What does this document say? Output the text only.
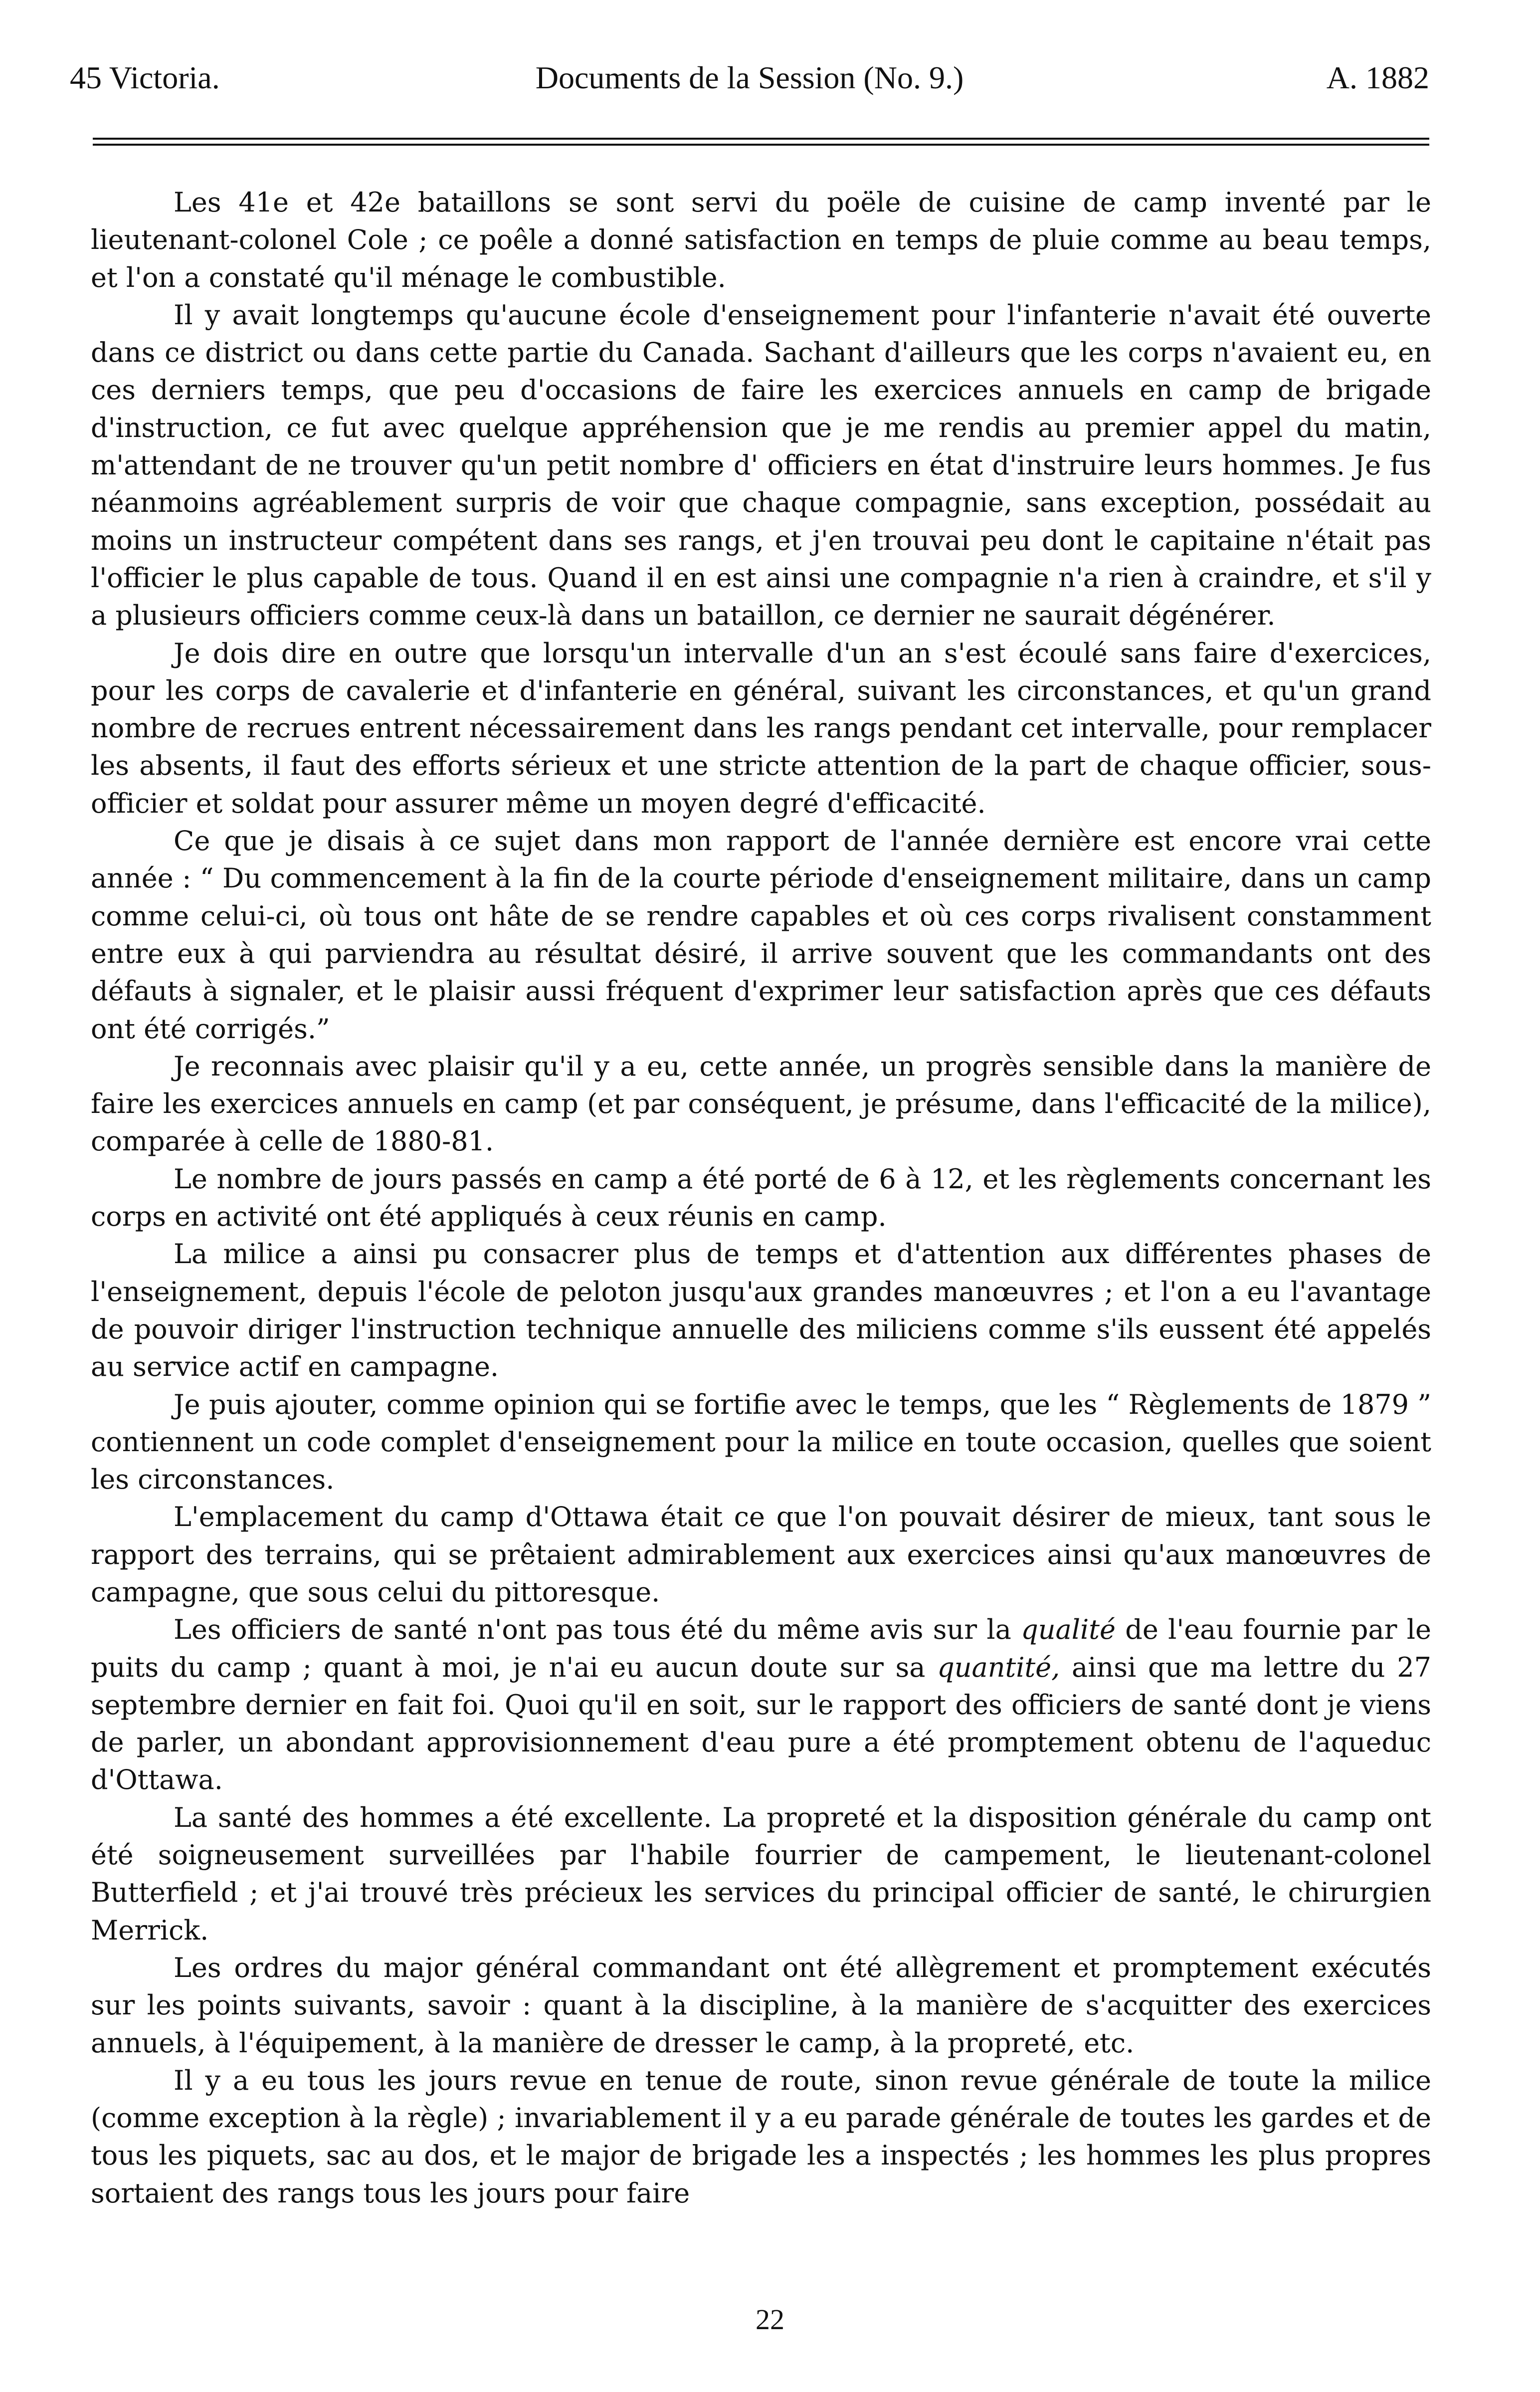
45 Victoria.	Documents de la Session (No. 9.)	A. 1882

Les 41e et 42e bataillons se sont servi du poële de cuisine de camp inventé par le lieutenant-colonel Cole ; ce poêle a donné satisfaction en temps de pluie comme au beau temps, et l'on a constaté qu'il ménage le combustible.

Il y avait longtemps qu'aucune école d'enseignement pour l'infanterie n'avait été ouverte dans ce district ou dans cette partie du Canada. Sachant d'ailleurs que les corps n'avaient eu, en ces derniers temps, que peu d'occasions de faire les exercices annuels en camp de brigade d'instruction, ce fut avec quelque appréhension que je me rendis au premier appel du matin, m'attendant de ne trouver qu'un petit nombre d' officiers en état d'instruire leurs hommes. Je fus néanmoins agréablement surpris de voir que chaque compagnie, sans exception, possédait au moins un instructeur compétent dans ses rangs, et j'en trouvai peu dont le capitaine n'était pas l'officier le plus capable de tous. Quand il en est ainsi une compagnie n'a rien à craindre, et s'il y a plusieurs officiers comme ceux-là dans un bataillon, ce dernier ne saurait dégénérer.

Je dois dire en outre que lorsqu'un intervalle d'un an s'est écoulé sans faire d'exercices, pour les corps de cavalerie et d'infanterie en général, suivant les circonstances, et qu'un grand nombre de recrues entrent nécessairement dans les rangs pendant cet intervalle, pour remplacer les absents, il faut des efforts sérieux et une stricte attention de la part de chaque officier, sous-officier et soldat pour assurer même un moyen degré d'efficacité.

Ce que je disais à ce sujet dans mon rapport de l'année dernière est encore vrai cette année : “ Du commencement à la fin de la courte période d'enseignement militaire, dans un camp comme celui-ci, où tous ont hâte de se rendre capables et où ces corps rivalisent constamment entre eux à qui parviendra au résultat désiré, il arrive souvent que les commandants ont des défauts à signaler, et le plaisir aussi fréquent d'exprimer leur satisfaction après que ces défauts ont été corrigés.”

Je reconnais avec plaisir qu'il y a eu, cette année, un progrès sensible dans la manière de faire les exercices annuels en camp (et par conséquent, je présume, dans l'efficacité de la milice), comparée à celle de 1880-81.

Le nombre de jours passés en camp a été porté de 6 à 12, et les règlements concernant les corps en activité ont été appliqués à ceux réunis en camp.

La milice a ainsi pu consacrer plus de temps et d'attention aux différentes phases de l'enseignement, depuis l'école de peloton jusqu'aux grandes manœuvres ; et l'on a eu l'avantage de pouvoir diriger l'instruction technique annuelle des miliciens comme s'ils eussent été appelés au service actif en campagne.

Je puis ajouter, comme opinion qui se fortifie avec le temps, que les “ Règlements de 1879 ” contiennent un code complet d'enseignement pour la milice en toute occasion, quelles que soient les circonstances.

L'emplacement du camp d'Ottawa était ce que l'on pouvait désirer de mieux, tant sous le rapport des terrains, qui se prêtaient admirablement aux exercices ainsi qu'aux manœuvres de campagne, que sous celui du pittoresque.

Les officiers de santé n'ont pas tous été du même avis sur la qualité de l'eau fournie par le puits du camp ; quant à moi, je n'ai eu aucun doute sur sa quantité, ainsi que ma lettre du 27 septembre dernier en fait foi. Quoi qu'il en soit, sur le rapport des officiers de santé dont je viens de parler, un abondant approvisionnement d'eau pure a été promptement obtenu de l'aqueduc d'Ottawa.

La santé des hommes a été excellente. La propreté et la disposition générale du camp ont été soigneusement surveillées par l'habile fourrier de campement, le lieutenant-colonel Butterfield ; et j'ai trouvé très précieux les services du principal officier de santé, le chirurgien Merrick.

Les ordres du major général commandant ont été allègrement et promptement exécutés sur les points suivants, savoir : quant à la discipline, à la manière de s'acquitter des exercices annuels, à l'équipement, à la manière de dresser le camp, à la propreté, etc.

Il y a eu tous les jours revue en tenue de route, sinon revue générale de toute la milice (comme exception à la règle) ; invariablement il y a eu parade générale de toutes les gardes et de tous les piquets, sac au dos, et le major de brigade les a inspectés ; les hommes les plus propres sortaient des rangs tous les jours pour faire

22
